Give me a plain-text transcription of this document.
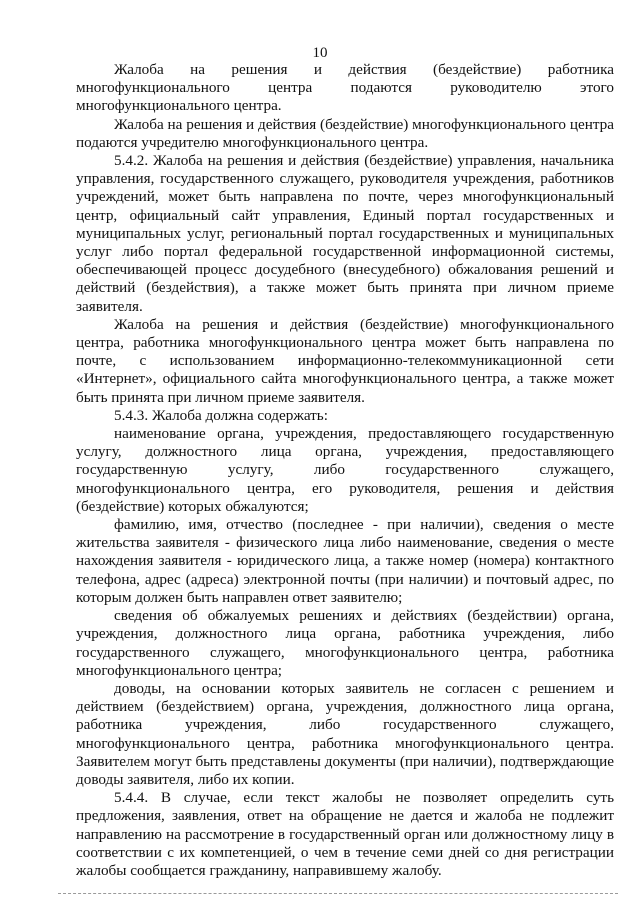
10

Жалоба на решения и действия (бездействие) работника многофункционального центра подаются руководителю этого многофункционального центра.

Жалоба на решения и действия (бездействие) многофункционального центра подаются учредителю многофункционального центра.

5.4.2. Жалоба на решения и действия (бездействие) управления, начальника управления, государственного служащего, руководителя учреждения, работников учреждений, может быть направлена по почте, через многофункциональный центр, официальный сайт управления, Единый портал государственных и муниципальных услуг, региональный портал государственных и муниципальных услуг либо портал федеральной государственной информационной системы, обеспечивающей процесс досудебного (внесудебного) обжалования решений и действий (бездействия), а также может быть принята при личном приеме заявителя.

Жалоба на решения и действия (бездействие) многофункционального центра, работника многофункционального центра может быть направлена по почте, с использованием информационно-телекоммуникационной сети «Интернет», официального сайта многофункционального центра, а также может быть принята при личном приеме заявителя.

5.4.3. Жалоба должна содержать:

наименование органа, учреждения, предоставляющего государственную услугу, должностного лица органа, учреждения, предоставляющего государственную услугу, либо государственного служащего, многофункционального центра, его руководителя, решения и действия (бездействие) которых обжалуются;

фамилию, имя, отчество (последнее - при наличии), сведения о месте жительства заявителя - физического лица либо наименование, сведения о месте нахождения заявителя - юридического лица, а также номер (номера) контактного телефона, адрес (адреса) электронной почты (при наличии) и почтовый адрес, по которым должен быть направлен ответ заявителю;

сведения об обжалуемых решениях и действиях (бездействии) органа, учреждения, должностного лица органа, работника учреждения, либо государственного служащего, многофункционального центра, работника многофункционального центра;

доводы, на основании которых заявитель не согласен с решением и действием (бездействием) органа, учреждения, должностного лица органа, работника учреждения, либо государственного служащего, многофункционального центра, работника многофункционального центра. Заявителем могут быть представлены документы (при наличии), подтверждающие доводы заявителя, либо их копии.

5.4.4. В случае, если текст жалобы не позволяет определить суть предложения, заявления, ответ на обращение не дается и жалоба не подлежит направлению на рассмотрение в государственный орган или должностному лицу в соответствии с их компетенцией, о чем в течение семи дней со дня регистрации жалобы сообщается гражданину, направившему жалобу.
